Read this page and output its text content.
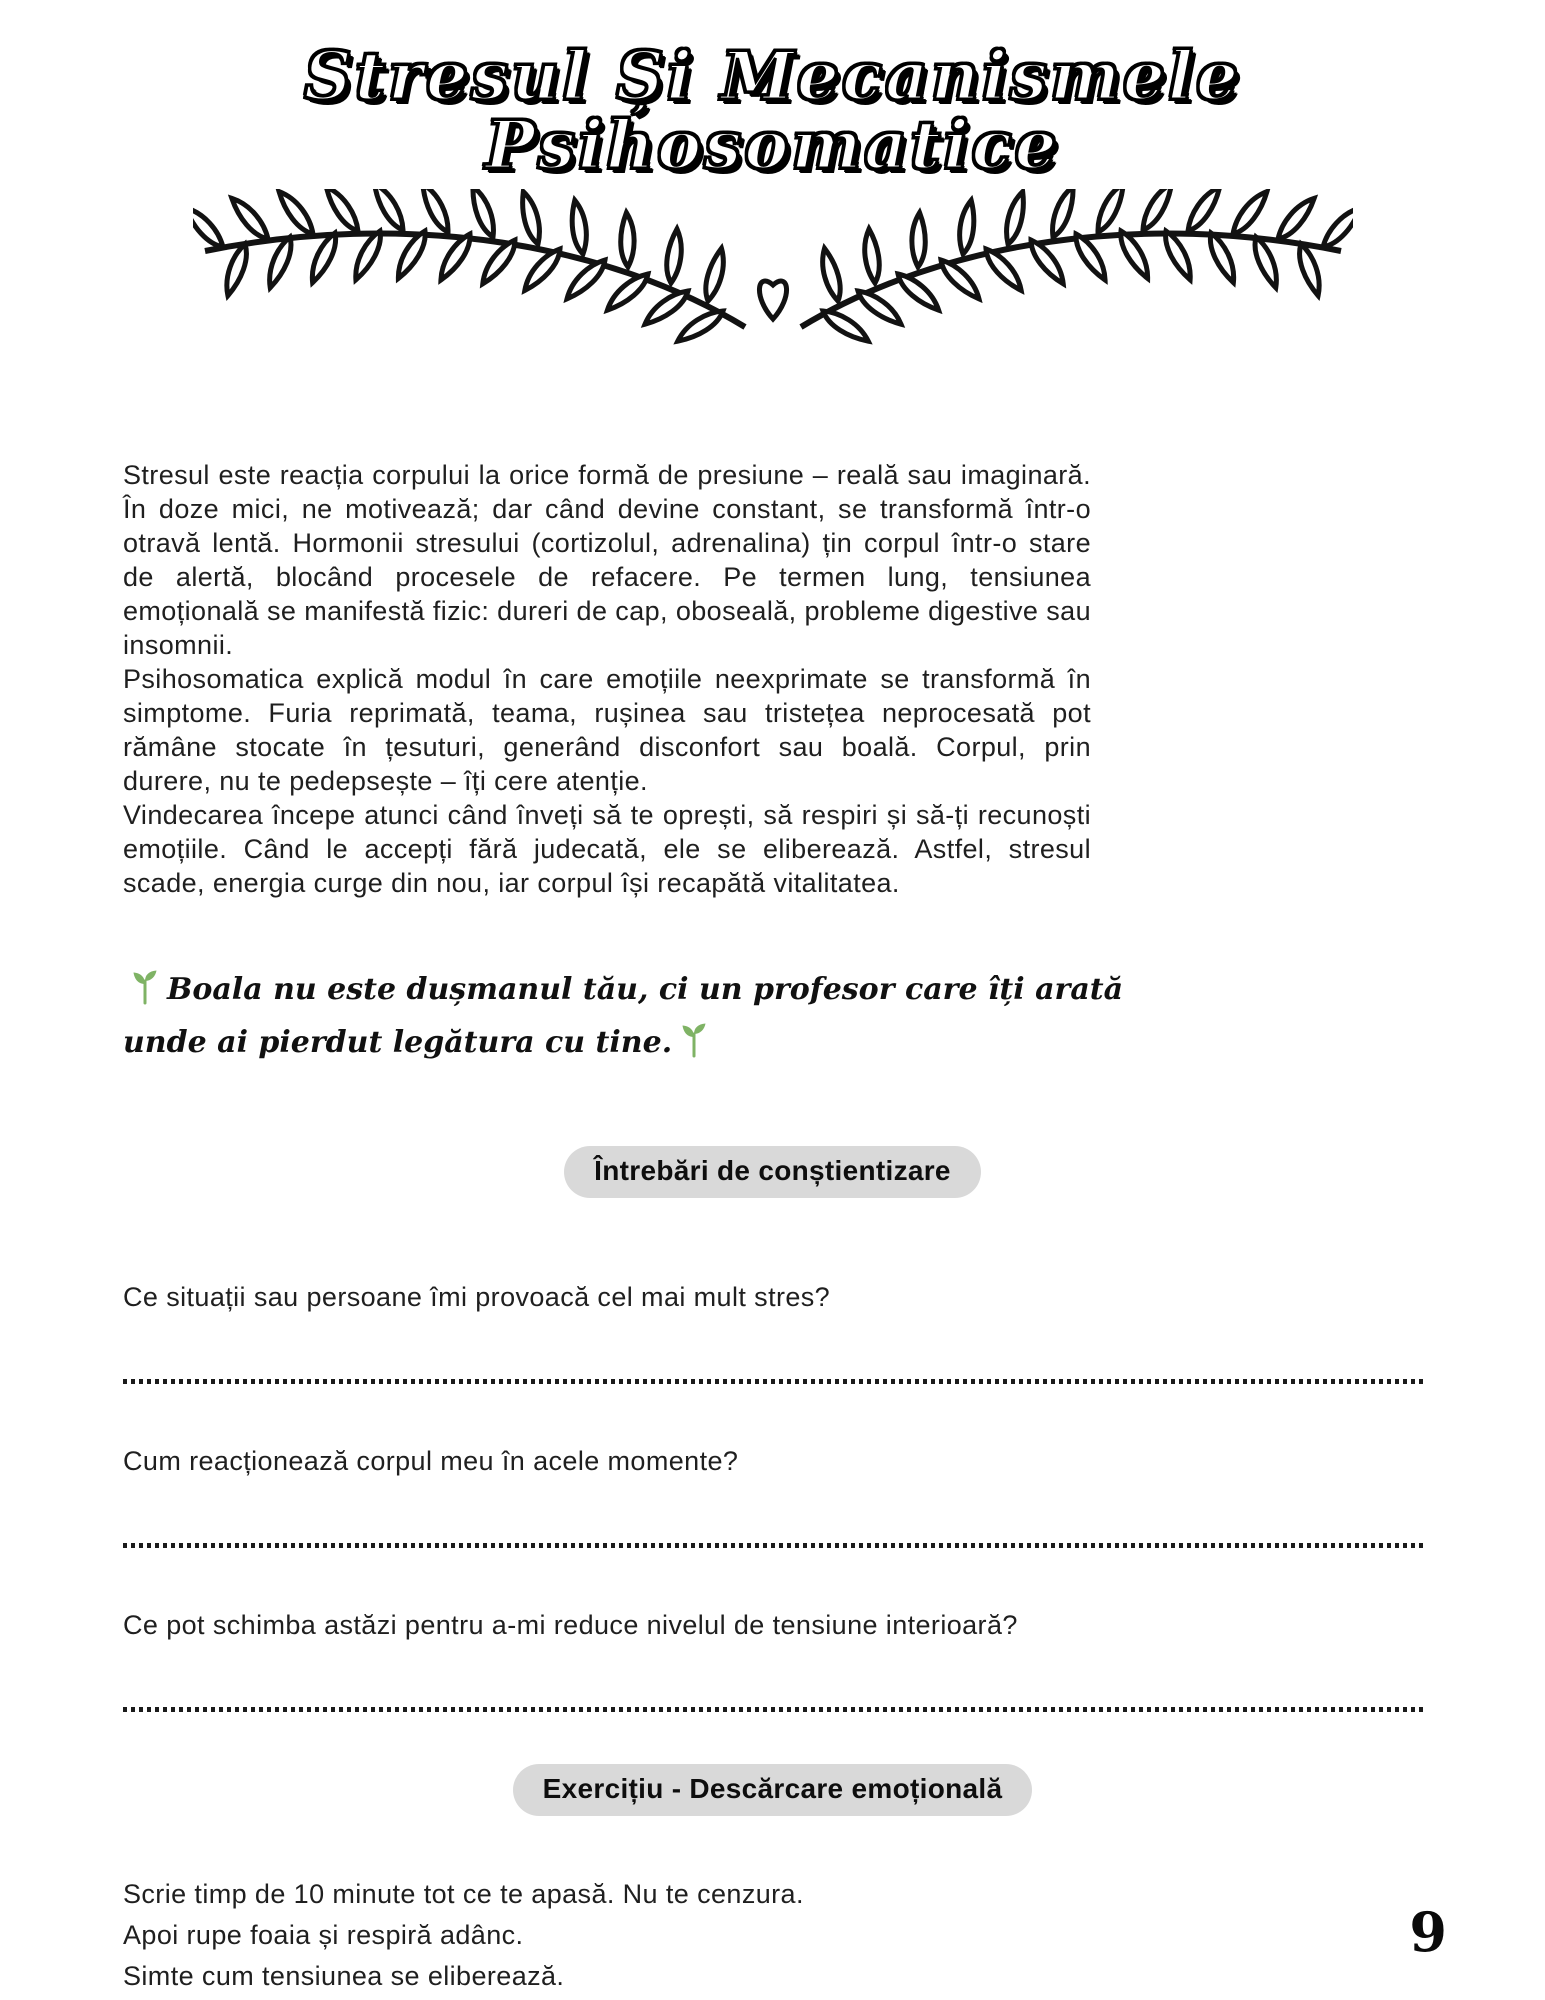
Stresul Și Mecanismele
Psihosomatice

Stresul este reacția corpului la orice formă de presiune – reală sau imaginară. În doze mici, ne motivează; dar când devine constant, se transformă într-o otravă lentă. Hormonii stresului (cortizolul, adrenalina) țin corpul într-o stare de alertă, blocând procesele de refacere. Pe termen lung, tensiunea emoțională se manifestă fizic: dureri de cap, oboseală, probleme digestive sau insomnii.

Psihosomatica explică modul în care emoțiile neexprimate se transformă în simptome. Furia reprimată, teama, rușinea sau tristețea neprocesată pot rămâne stocate în țesuturi, generând disconfort sau boală. Corpul, prin durere, nu te pedepsește – îți cere atenție.

Vindecarea începe atunci când înveți să te oprești, să respiri și să-ți recunoști emoțiile. Când le accepți fără judecată, ele se eliberează. Astfel, stresul scade, energia curge din nou, iar corpul își recapătă vitalitatea.

Boala nu este dușmanul tău, ci un profesor care îți arată unde ai pierdut legătura cu tine.
Întrebări de conștientizare
Ce situații sau persoane îmi provoacă cel mai mult stres?
Cum reacționează corpul meu în acele momente?
Ce pot schimba astăzi pentru a-mi reduce nivelul de tensiune interioară?
Exercițiu - Descărcare emoțională
Scrie timp de 10 minute tot ce te apasă. Nu te cenzura.
Apoi rupe foaia și respiră adânc.
Simte cum tensiunea se eliberează.
9
